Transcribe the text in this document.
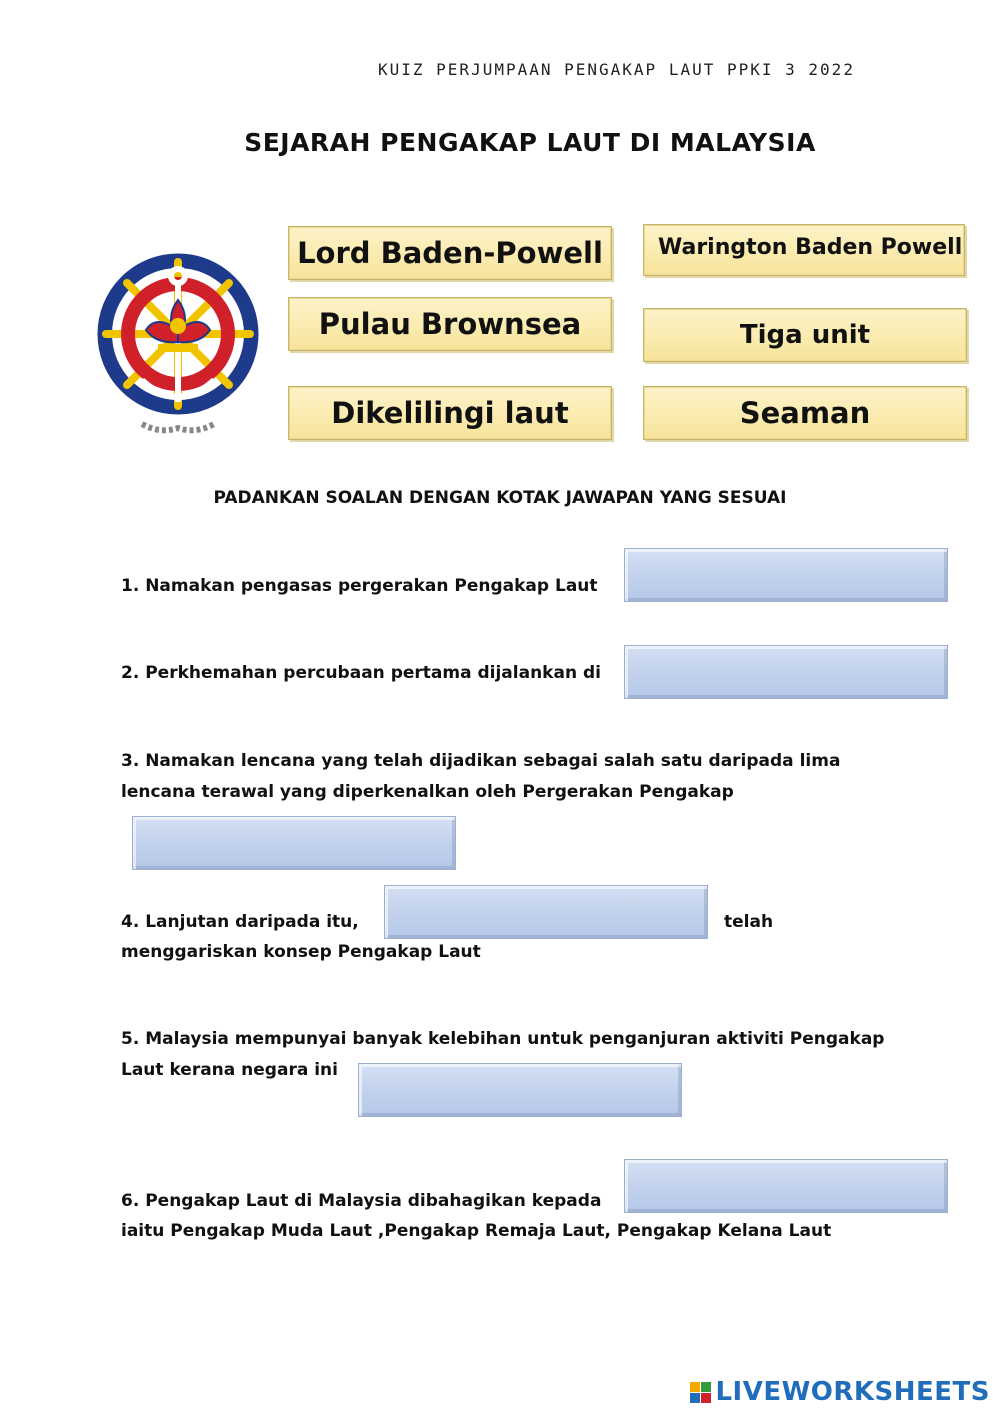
KUIZ PERJUMPAAN PENGAKAP LAUT PPKI 3 2022
SEJARAH PENGAKAP LAUT DI MALAYSIA
Lord Baden-Powell	Warington Baden Powell
Pulau Brownsea	Tiga unit
Dikelilingi laut	Seaman
PADANKAN SOALAN DENGAN KOTAK JAWAPAN YANG SESUAI
1. Namakan pengasas pergerakan Pengakap Laut
2. Perkhemahan percubaan pertama dijalankan di
3. Namakan lencana yang telah dijadikan sebagai salah satu daripada lima
lencana terawal yang diperkenalkan oleh Pergerakan Pengakap
4. Lanjutan daripada itu,	telah
menggariskan konsep Pengakap Laut
5. Malaysia mempunyai banyak kelebihan untuk penganjuran aktiviti Pengakap
Laut kerana negara ini
6. Pengakap Laut di Malaysia dibahagikan kepada
iaitu Pengakap Muda Laut ,Pengakap Remaja Laut, Pengakap Kelana Laut
LIVEWORKSHEETS
